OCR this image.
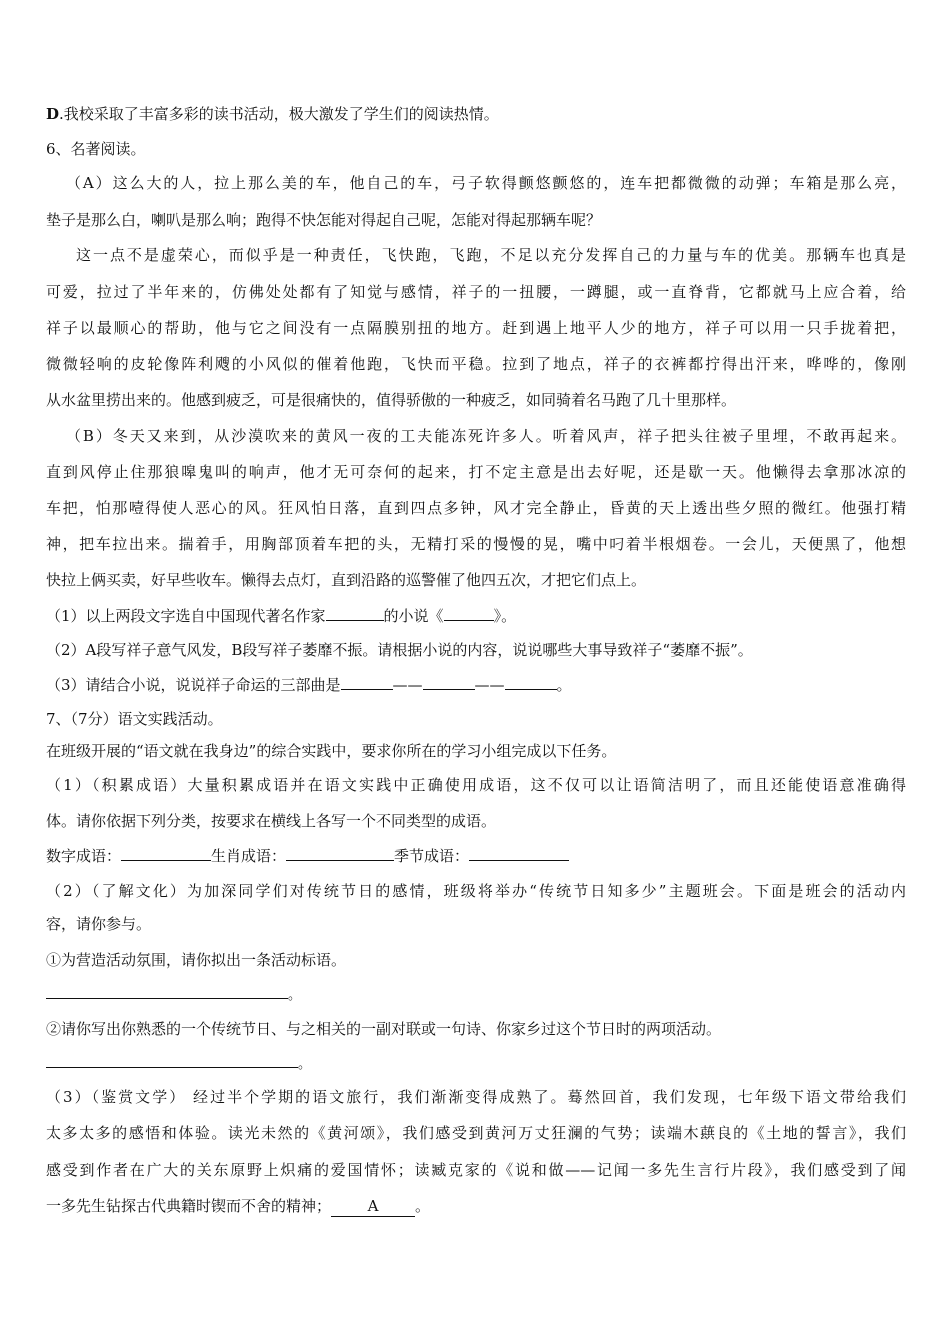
D.我校采取了丰富多彩的读书活动，极大激发了学生们的阅读热情。
6、名著阅读。
（A）这么大的人，拉上那么美的车，他自己的车，弓子软得颤悠颤悠的，连车把都微微的动弹；车箱是那么亮，
垫子是那么白，喇叭是那么响；跑得不快怎能对得起自己呢，怎能对得起那辆车呢？
这一点不是虚荣心，而似乎是一种责任，飞快跑，飞跑，不足以充分发挥自己的力量与车的优美。那辆车也真是
可爱，拉过了半年来的，仿佛处处都有了知觉与感情，祥子的一扭腰，一蹲腿，或一直脊背，它都就马上应合着，给
祥子以最顺心的帮助，他与它之间没有一点隔膜别扭的地方。赶到遇上地平人少的地方，祥子可以用一只手拢着把，
微微轻响的皮轮像阵利飕的小风似的催着他跑，飞快而平稳。拉到了地点，祥子的衣裤都拧得出汗来，哗哗的，像刚
从水盆里捞出来的。他感到疲乏，可是很痛快的，值得骄傲的一种疲乏，如同骑着名马跑了几十里那样。
（B）冬天又来到，从沙漠吹来的黄风一夜的工夫能冻死许多人。听着风声，祥子把头往被子里埋，不敢再起来。
直到风停止住那狼嗥鬼叫的响声，他才无可奈何的起来，打不定主意是出去好呢，还是歇一天。他懒得去拿那冰凉的
车把，怕那噎得使人恶心的风。狂风怕日落，直到四点多钟，风才完全静止，昏黄的天上透出些夕照的微红。他强打精
神，把车拉出来。揣着手，用胸部顶着车把的头，无精打采的慢慢的晃，嘴中叼着半根烟卷。一会儿，天便黑了，他想
快拉上俩买卖，好早些收车。懒得去点灯，直到沿路的巡警催了他四五次，才把它们点上。
（1）以上两段文字选自中国现代著名作家	的小说《	》。
（2）A段写祥子意气风发，B段写祥子萎靡不振。请根据小说的内容，说说哪些大事导致祥子“萎靡不振”。
（3）请结合小说，说说祥子命运的三部曲是	——	——	。
7、（7分）语文实践活动。
在班级开展的“语文就在我身边”的综合实践中，要求你所在的学习小组完成以下任务。
（1）（积累成语）大量积累成语并在语文实践中正确使用成语，这不仅可以让语简洁明了，而且还能使语意准确得
体。请你依据下列分类，按要求在横线上各写一个不同类型的成语。
数字成语：	生肖成语：	季节成语：
（2）（了解文化）为加深同学们对传统节日的感情，班级将举办“传统节日知多少”主题班会。下面是班会的活动内
容，请你参与。
①为营造活动氛围，请你拟出一条活动标语。
。
②请你写出你熟悉的一个传统节日、与之相关的一副对联或一句诗、你家乡过这个节日时的两项活动。
。
（3）（鉴赏文学） 经过半个学期的语文旅行，我们渐渐变得成熟了。蓦然回首，我们发现，七年级下语文带给我们
太多太多的感悟和体验。读光未然的《黄河颂》，我们感受到黄河万丈狂澜的气势；读端木蕻良的《土地的誓言》，我们
感受到作者在广大的关东原野上炽痛的爱国情怀；读臧克家的《说和做——记闻一多先生言行片段》，我们感受到了闻
一多先生钻探古代典籍时锲而不舍的精神； A 。
